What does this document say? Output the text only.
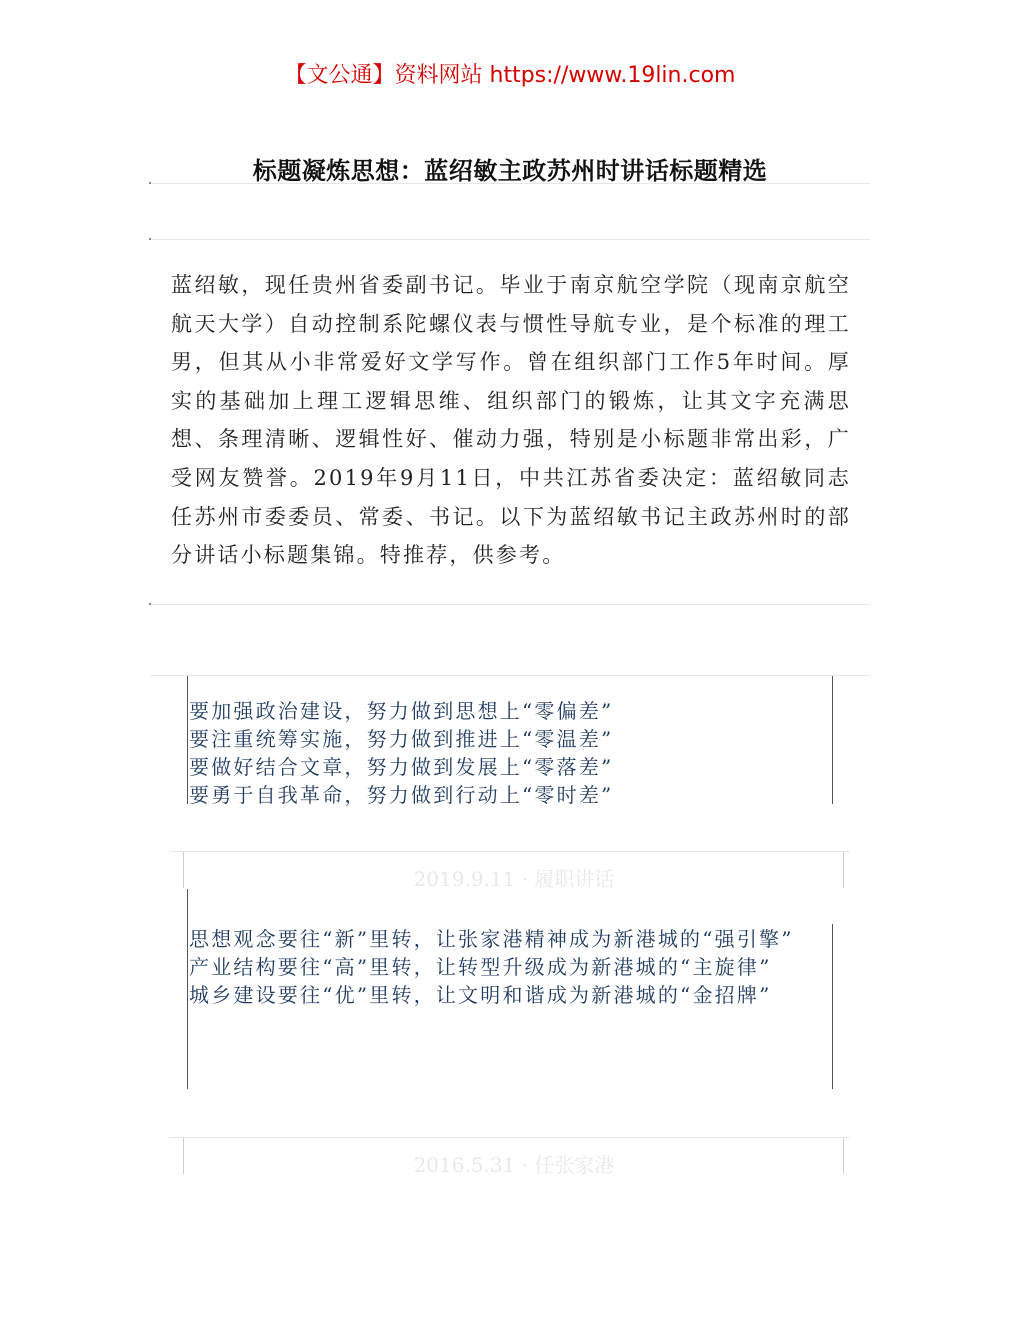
【文公通】资料网站 https://www.19lin.com
标题凝炼思想：蓝绍敏主政苏州时讲话标题精选

蓝绍敏，现任贵州省委副书记。毕业于南京航空学院（现南京航空航天大学）自动控制系陀螺仪表与惯性导航专业，是个标准的理工男，但其从小非常爱好文学写作。曾在组织部门工作5年时间。厚实的基础加上理工逻辑思维、组织部门的锻炼，让其文字充满思想、条理清晰、逻辑性好、催动力强，特别是小标题非常出彩，广受网友赞誉。2019年9月11日，中共江苏省委决定：蓝绍敏同志任苏州市委委员、常委、书记。以下为蓝绍敏书记主政苏州时的部分讲话小标题集锦。特推荐，供参考。

要加强政治建设，努力做到思想上“零偏差”
要注重统筹实施，努力做到推进上“零温差”
要做好结合文章，努力做到发展上“零落差”
要勇于自我革命，努力做到行动上“零时差”
2019.9.11 · 履职讲话
思想观念要往“新”里转，让张家港精神成为新港城的“强引擎”
产业结构要往“高”里转，让转型升级成为新港城的“主旋律”
城乡建设要往“优”里转，让文明和谐成为新港城的“金招牌”
2016.5.31 · 任张家港
